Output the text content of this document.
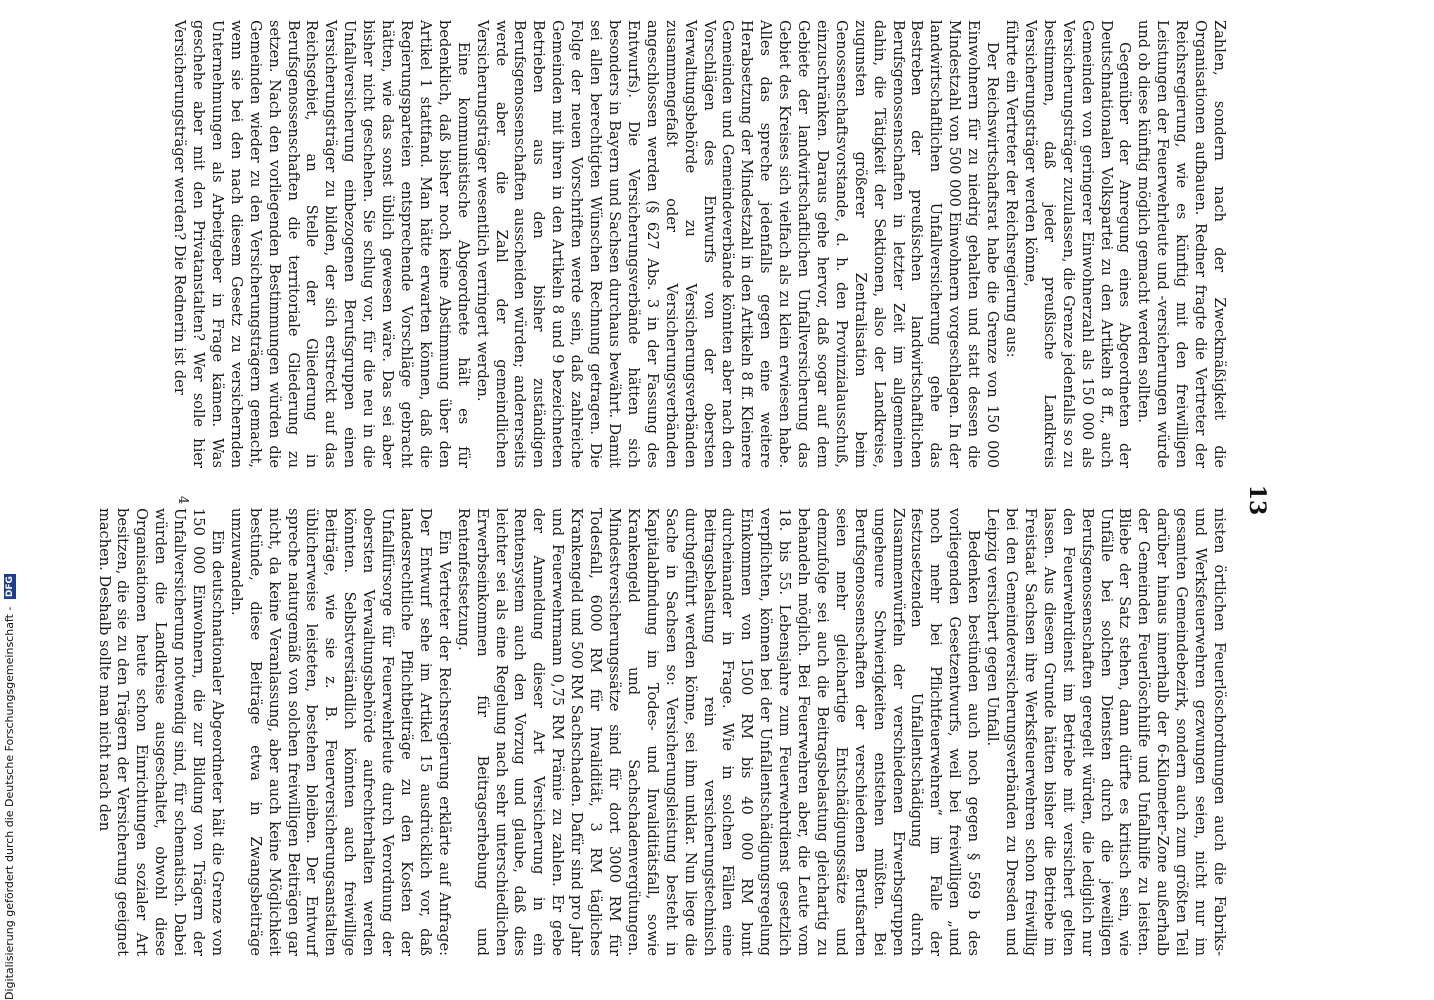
Digitalisierung gefördert durch die Deutsche Forschungsgemeinschaft - DFG
13

Zahlen, sondern nach der Zweckmäßigkeit die Organisationen aufbauen. Redner fragte die Vertreter der Reichsregierung, wie es künftig mit den freiwilligen Leistungen der Feuerwehrleute und -versicherungen würde und ob diese künftig möglich gemacht werden sollten.

Gegenüber der Anregung eines Abgeordneten der Deutschnationalen Volkspartei zu den Artikeln 8 ff., auch Gemeinden von geringerer Einwohnerzahl als 150 000 als Versicherungsträger zuzulassen, die Grenze jedenfalls so zu bestimmen, daß jeder preußische Landkreis Versicherungsträger werden könne,

führte ein Vertreter der Reichsregierung aus:

Der Reichswirtschaftsrat habe die Grenze von 150 000 Einwohnern für zu niedrig gehalten und statt dessen die Mindestzahl von 500 000 Einwohnern vorgeschlagen. In der landwirtschaftlichen Unfallversicherung gehe das Bestreben der preußischen landwirtschaftlichen Berufsgenossenschaften in letzter Zeit im allgemeinen dahin, die Tätigkeit der Sektionen, also der Landkreise, zugunsten größerer Zentralisation beim Genossenschaftsvorstande, d. h. den Provinzialausschuß, einzuschränken. Daraus gehe hervor, daß sogar auf dem Gebiete der landwirtschaftlichen Unfallversicherung das Gebiet des Kreises sich vielfach als zu klein erwiesen habe. Alles das spreche jedenfalls gegen eine weitere Herabsetzung der Mindestzahl in den Artikeln 8 ff. Kleinere Gemeinden und Gemeindeverbände könnten aber nach den Vorschlägen des Entwurfs von der obersten Verwaltungsbehörde zu Versicherungsverbänden zusammengefaßt oder Versicherungsverbänden angeschlossen werden (§ 627 Abs. 3 in der Fassung des Entwurfs). Die Versicherungsverbände hätten sich besonders in Bayern und Sachsen durchaus bewährt. Damit sei allen berechtigten Wünschen Rechnung getragen. Die Folge der neuen Vorschriften werde sein, daß zahlreiche Gemeinden mit ihren in den Artikeln 8 und 9 bezeichneten Betrieben aus den bisher zuständigen Berufsgenossenschaften ausscheiden würden; andererseits werde aber die Zahl der gemeindlichen Versicherungsträger wesentlich verringert werden.

Eine kommunistische Abgeordnete hält es für bedenklich, daß bisher noch keine Abstimmung über den Artikel 1 stattfand. Man hätte erwarten können, daß die Regierungsparteien entsprechende Vorschläge gebracht hätten, wie das sonst üblich gewesen wäre. Das sei aber bisher nicht geschehen. Sie schlug vor, für die neu in die Unfallversicherung einbezogenen Berufsgruppen einen Versicherungsträger zu bilden, der sich erstreckt auf das Reichsgebiet, an Stelle der Gliederung in Berufsgenossenschaften die territoriale Gliederung zu setzen. Nach den vorliegenden Bestimmungen würden die Gemeinden wieder zu den Versicherungsträgern gemacht, wenn sie bei den nach diesem Gesetz zu versichernden Unternehmungen als Arbeitgeber in Frage kämen. Was geschehe aber mit den Privatanstalten? Wer solle hier Versicherungsträger werden? Die Rednerin ist der

nisten örtlichen Feuerlöschordnungen auch die Fabriks- und Werksfeuerwehren gezwungen seien, nicht nur im gesamten Gemeindebezirk, sondern auch zum größten Teil darüber hinaus innerhalb der 6-Kilometer-Zone außerhalb der Gemeinden Feuerlöschhilfe und Unfallhilfe zu leisten. Bliebe der Satz stehen, dann dürfte es kritisch sein, wie Unfälle bei solchen Diensten durch die jeweiligen Berufsgenossenschaften geregelt würden, die lediglich nur den Feuerwehrdienst im Betriebe mit versichert gelten lassen. Aus diesem Grunde hätten bisher die Betriebe im Freistaat Sachsen ihre Werksfeuerwehren schon freiwillig bei den Gemeindeversicherungsverbänden zu Dresden und Leipzig versichert gegen Unfall.

Bedenken bestünden auch noch gegen § 569 b des vorliegenden Gesetzentwurfs, weil bei freiwilligen „und noch mehr bei Pflichtfeuerwehren“ im Falle der festzusetzenden Unfallentschädigung durch Zusammenwürfeln der verschiedenen Erwerbsgruppen ungeheure Schwierigkeiten entstehen müßten. Bei Berufsgenossenschaften der verschiedenen Berufsarten seien mehr gleichartige Entschädigungssätze und demzufolge sei auch die Beitragsbelastung gleichartig zu behandeln möglich. Bei Feuerwehren aber, die Leute vom 18. bis 55. Lebensjahre zum Feuerwehrdienst gesetzlich verpflichten, können bei der Unfallentschädigungsregelung Einkommen von 1500 RM bis 40 000 RM bunt durcheinander in Frage. Wie in solchen Fällen eine Beitragsbelastung rein versicherungstechnisch durchgeführt werden könne, sei ihm unklar. Nun liege die Sache in Sachsen so: Versicherungsleistung besteht in Kapitalabfindung im Todes- und Invaliditätsfall, sowie Krankengeld und Sachschadenvergütungen. Mindestversicherungssätze sind für dort 3000 RM für Todesfall, 6000 RM für Invalidität, 3 RM tägliches Krankengeld und 500 RM Sachschaden. Dafür sind pro Jahr und Feuerwehrmann 0,75 RM Prämie zu zahlen. Er gebe der Anmeldung dieser Art Versicherung in ein Rentensystem auch den Vorzug und glaube, daß dies leichter sei als eine Regelung nach sehr unterschiedlichen Erwerbseinkommen für Beitragserhebung und Rentenfestsetzung.

Ein Vertreter der Reichsregierung erklärte auf Anfrage: Der Entwurf sehe im Artikel 15 ausdrücklich vor, daß landesrechtliche Pflichtbeiträge zu den Kosten der Unfallfürsorge für Feuerwehrleute durch Verordnung der obersten Verwaltungsbehörde aufrechterhalten werden könnten. Selbstverständlich könnten auch freiwillige Beiträge, wie sie z. B. Feuerversicherungsanstalten üblicherweise leisteten, bestehen bleiben. Der Entwurf spreche naturgemäß von solchen freiwilligen Beiträgen gar nicht, da keine Veranlassung, aber auch keine Möglichkeit bestünde, diese Beiträge etwa in Zwangsbeiträge umzuwandeln.

Ein deutschnationaler Abgeordneter hält die Grenze von 150 000 Einwohnern, die zur Bildung von Trägern der Unfallversicherung notwendig sind, für schematisch. Dabei würden die Landkreise ausgeschaltet, obwohl diese Organisationen heute schon Einrichtungen sozialer Art besitzen, die sie zu den Trägern der Versicherung geeignet machen. Deshalb sollte man nicht nach den

4
